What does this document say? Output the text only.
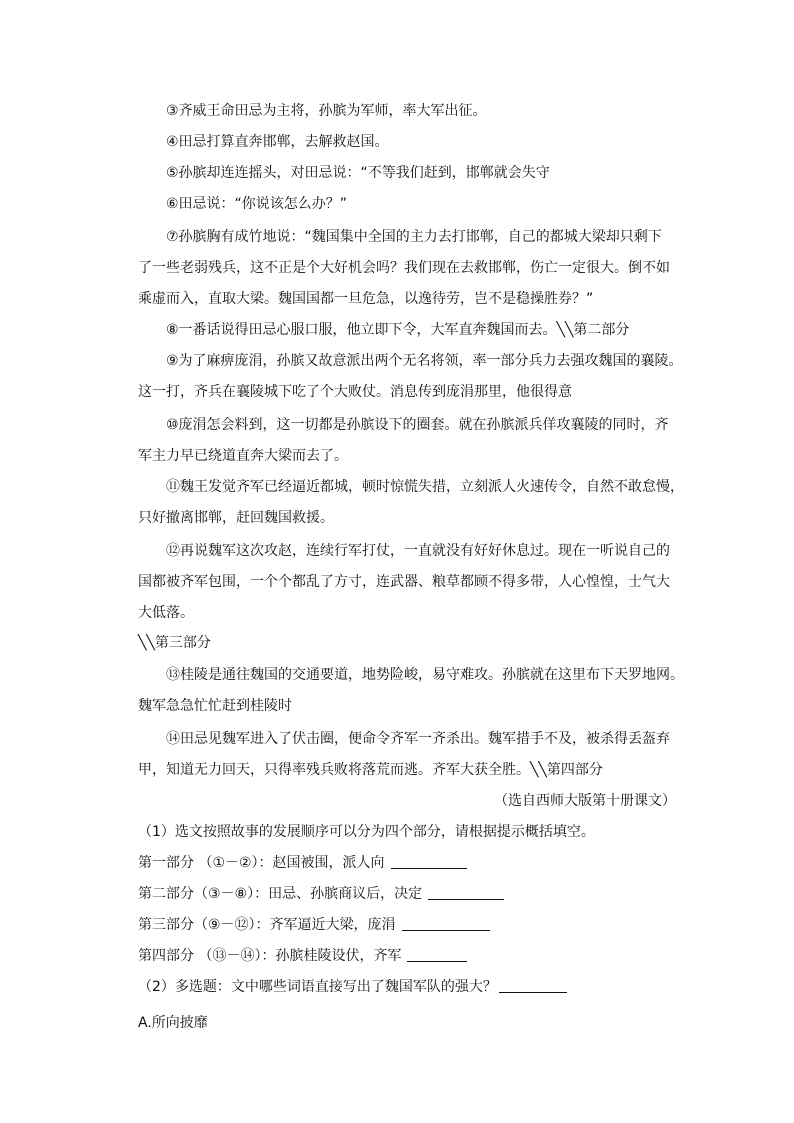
③齐威王命田忌为主将，孙膑为军师，率大军出征。
④田忌打算直奔邯郸，去解救赵国。
⑤孙膑却连连摇头，对田忌说：“不等我们赶到，邯郸就会失守
⑥田忌说：“你说该怎么办？”
⑦孙膑胸有成竹地说：“魏国集中全国的主力去打邯郸，自己的都城大梁却只剩下
了一些老弱残兵，这不正是个大好机会吗？我们现在去救邯郸，伤亡一定很大。倒不如
乘虚而入，直取大梁。魏国国都一旦危急，以逸待劳，岂不是稳操胜券？”
⑧一番话说得田忌心服口服，他立即下令，大军直奔魏国而去。╲╲第二部分
⑨为了麻痹庞涓，孙膑又故意派出两个无名将领，率一部分兵力去强攻魏国的襄陵。
这一打，齐兵在襄陵城下吃了个大败仗。消息传到庞涓那里，他很得意
⑩庞涓怎会料到，这一切都是孙膑设下的圈套。就在孙膑派兵佯攻襄陵的同时，齐
军主力早已绕道直奔大梁而去了。
⑪魏王发觉齐军已经逼近都城，顿时惊慌失措，立刻派人火速传令，自然不敢怠慢，
只好撤离邯郸，赶回魏国救援。
⑫再说魏军这次攻赵，连续行军打仗，一直就没有好好休息过。现在一听说自己的
国都被齐军包围，一个个都乱了方寸，连武器、粮草都顾不得多带，人心惶惶，士气大
大低落。
╲╲第三部分
⑬桂陵是通往魏国的交通要道，地势险峻，易守难攻。孙膑就在这里布下天罗地网。
魏军急急忙忙赶到桂陵时
⑭田忌见魏军进入了伏击圈，便命令齐军一齐杀出。魏军措手不及，被杀得丢盔弃
甲，知道无力回天，只得率残兵败将落荒而逃。齐军大获全胜。╲╲第四部分
（选自西师大版第十册课文）
（1）选文按照故事的发展顺序可以分为四个部分，请根据提示概括填空。
第一部分 （①－②）：赵国被围，派人向
第二部分（③－⑧）：田忌、孙膑商议后，决定
第三部分（⑨－⑫）：齐军逼近大梁，庞涓
第四部分 （⑬－⑭）：孙膑桂陵设伏，齐军
（2）多选题：文中哪些词语直接写出了魏国军队的强大？
A.所向披靡
